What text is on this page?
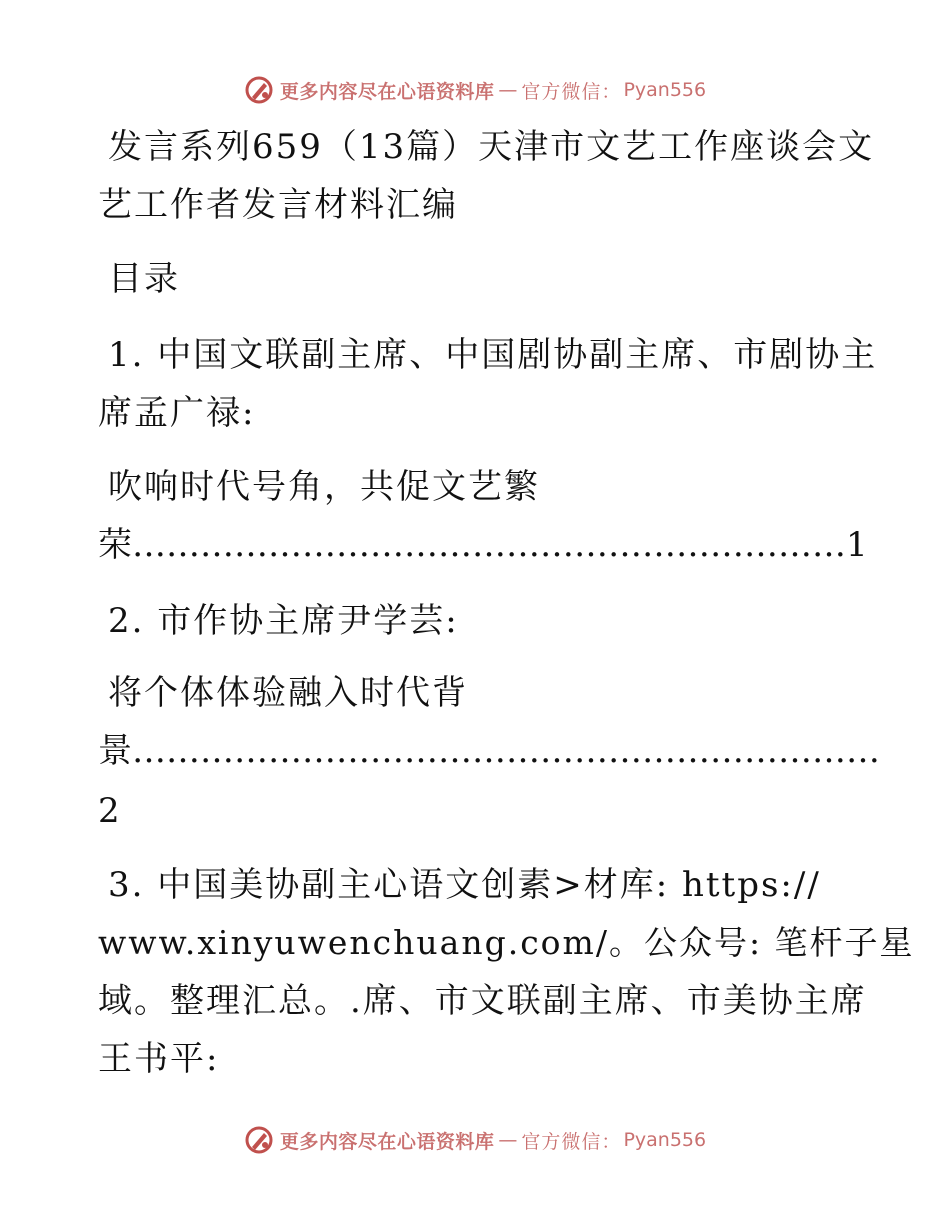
更多内容尽在心语资料库 — 官方微信： Pyan556
发言系列659（13篇）天津市文艺工作座谈会文
艺工作者发言材料汇编
目录
1. 中国文联副主席、中国剧协副主席、市剧协主
席孟广禄:
吹响时代号角，共促文艺繁
荣………………………………………………………1
2. 市作协主席尹学芸:
将个体体验融入时代背
景…………………………………………………………
2
3. 中国美协副主心语文创素>材库: https://
www.xinyuwenchuang.com/。公众号: 笔杆子星
域。整理汇总。.席、市文联副主席、市美协主席
王书平:
更多内容尽在心语资料库 — 官方微信： Pyan556
